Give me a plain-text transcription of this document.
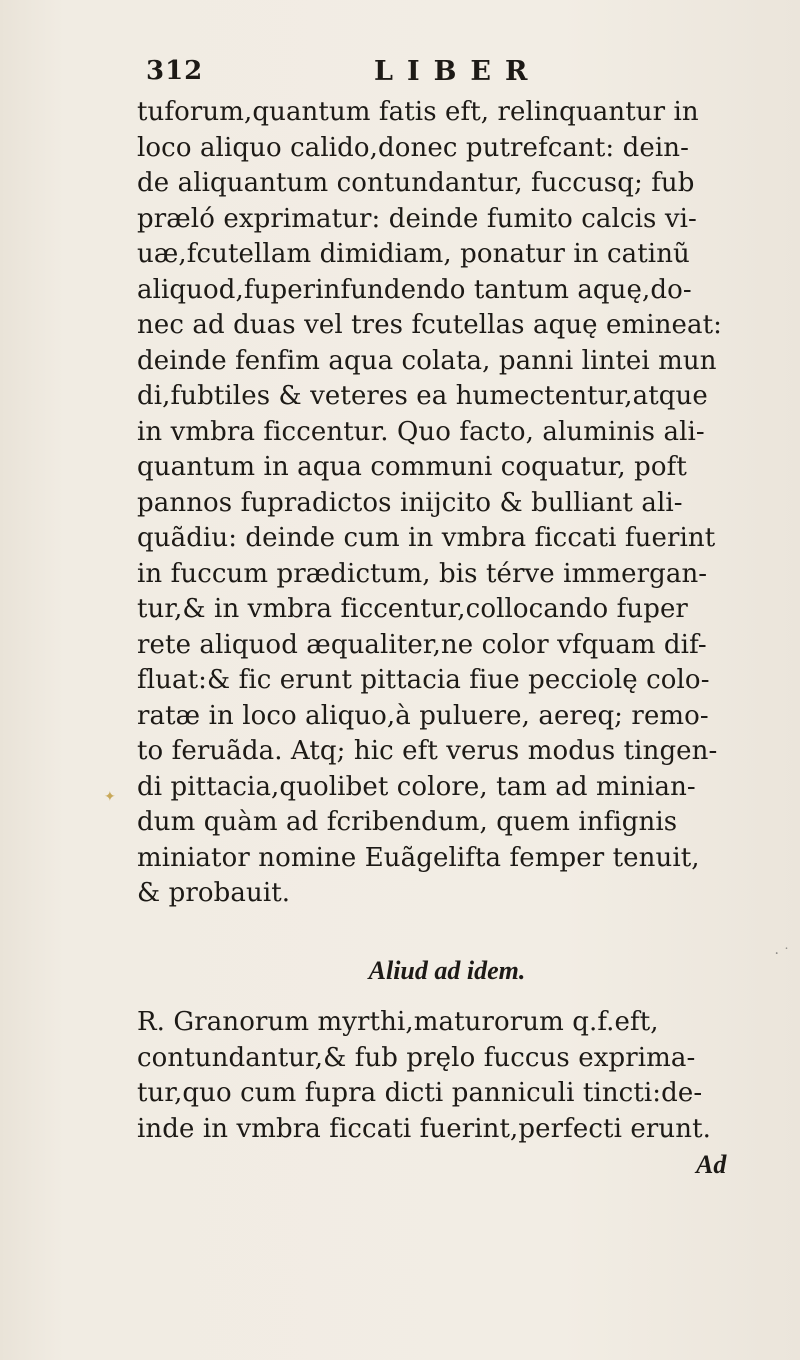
312	LIBER
tuforum,quantum fatis eft, relinquantur in
loco aliquo calido,donec putrefcant: dein-
de aliquantum contundantur, fuccusq; fub
præló exprimatur: deinde fumito calcis vi-
uæ,fcutellam dimidiam, ponatur in catinũ
aliquod,fuperinfundendo tantum aquę,do-
nec ad duas vel tres fcutellas aquę emineat:
deinde fenfim aqua colata, panni lintei mun
di,fubtiles & veteres ea humectentur,atque
in vmbra ficcentur. Quo facto, aluminis ali-
quantum in aqua communi coquatur, poft
pannos fupradictos inijcito & bulliant ali-
quãdiu: deinde cum in vmbra ficcati fuerint
in fuccum prædictum, bis térve immergan-
tur,& in vmbra ficcentur,collocando fuper
rete aliquod æqualiter,ne color vfquam dif-
fluat:& fic erunt pittacia fiue pecciolę colo-
ratæ in loco aliquo,à puluere, aereq; remo-
to feruãda. Atq; hic eft verus modus tingen-
di pittacia,quolibet colore, tam ad minian-
dum quàm ad fcribendum, quem infignis
miniator nomine Euãgelifta femper tenuit,
& probauit.
Aliud ad idem.
R. Granorum myrthi,maturorum q.f.eft,
contundantur,& fub pręlo fuccus exprima-
tur,quo cum fupra dicti panniculi tincti:de-
inde in vmbra ficcati fuerint,perfecti erunt.
Ad
✦
·˙
